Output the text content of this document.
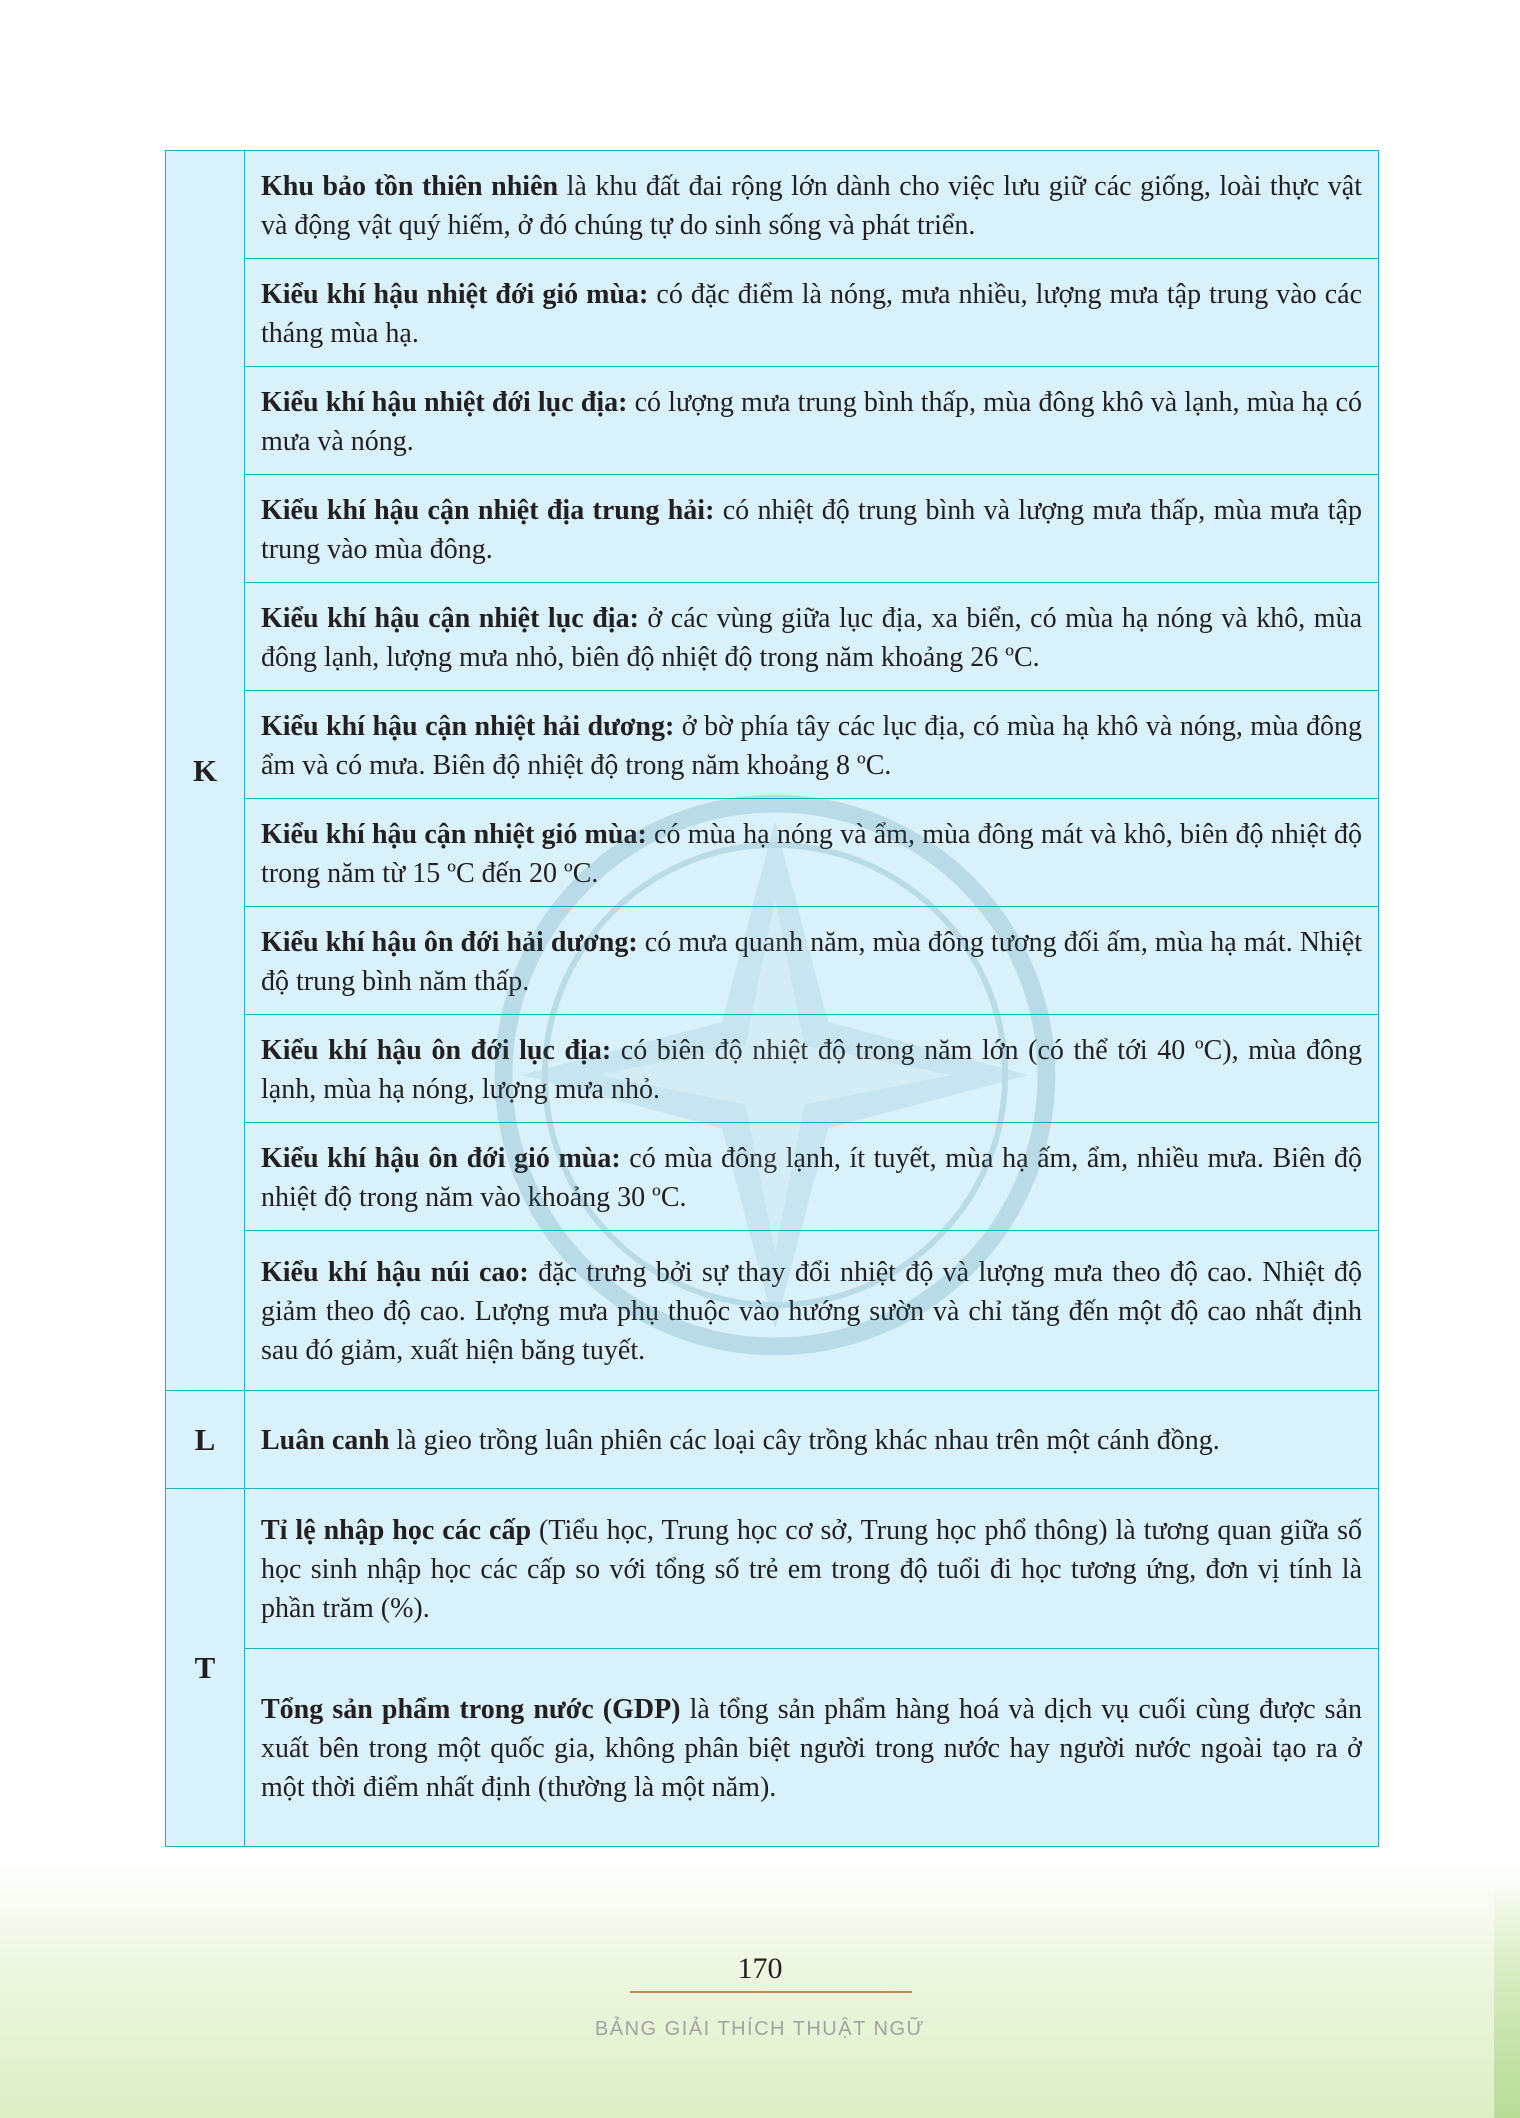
K

Khu bảo tồn thiên nhiên là khu đất đai rộng lớn dành cho việc lưu giữ các giống, loài thực vật và động vật quý hiếm, ở đó chúng tự do sinh sống và phát triển.

Kiểu khí hậu nhiệt đới gió mùa: có đặc điểm là nóng, mưa nhiều, lượng mưa tập trung vào các tháng mùa hạ.

Kiểu khí hậu nhiệt đới lục địa: có lượng mưa trung bình thấp, mùa đông khô và lạnh, mùa hạ có mưa và nóng.

Kiểu khí hậu cận nhiệt địa trung hải: có nhiệt độ trung bình và lượng mưa thấp, mùa mưa tập trung vào mùa đông.

Kiểu khí hậu cận nhiệt lục địa: ở các vùng giữa lục địa, xa biển, có mùa hạ nóng và khô, mùa đông lạnh, lượng mưa nhỏ, biên độ nhiệt độ trong năm khoảng 26 ºC.

Kiểu khí hậu cận nhiệt hải dương: ở bờ phía tây các lục địa, có mùa hạ khô và nóng, mùa đông ẩm và có mưa. Biên độ nhiệt độ trong năm khoảng 8 ºC.

Kiểu khí hậu cận nhiệt gió mùa: có mùa hạ nóng và ẩm, mùa đông mát và khô, biên độ nhiệt độ trong năm từ 15 ºC đến 20 ºC.

Kiểu khí hậu ôn đới hải dương: có mưa quanh năm, mùa đông tương đối ấm, mùa hạ mát. Nhiệt độ trung bình năm thấp.

Kiểu khí hậu ôn đới lục địa: có biên độ nhiệt độ trong năm lớn (có thể tới 40 ºC), mùa đông lạnh, mùa hạ nóng, lượng mưa nhỏ.

Kiểu khí hậu ôn đới gió mùa: có mùa đông lạnh, ít tuyết, mùa hạ ấm, ẩm, nhiều mưa. Biên độ nhiệt độ trong năm vào khoảng 30 ºC.

Kiểu khí hậu núi cao: đặc trưng bởi sự thay đổi nhiệt độ và lượng mưa theo độ cao. Nhiệt độ giảm theo độ cao. Lượng mưa phụ thuộc vào hướng sườn và chỉ tăng đến một độ cao nhất định sau đó giảm, xuất hiện băng tuyết.

L	Luân canh là gieo trồng luân phiên các loại cây trồng khác nhau trên một cánh đồng.

T

Tỉ lệ nhập học các cấp (Tiểu học, Trung học cơ sở, Trung học phổ thông) là tương quan giữa số học sinh nhập học các cấp so với tổng số trẻ em trong độ tuổi đi học tương ứng, đơn vị tính là phần trăm (%).

Tổng sản phẩm trong nước (GDP) là tổng sản phẩm hàng hoá và dịch vụ cuối cùng được sản xuất bên trong một quốc gia, không phân biệt người trong nước hay người nước ngoài tạo ra ở một thời điểm nhất định (thường là một năm).

170
BẢNG GIẢI THÍCH THUẬT NGỮ
